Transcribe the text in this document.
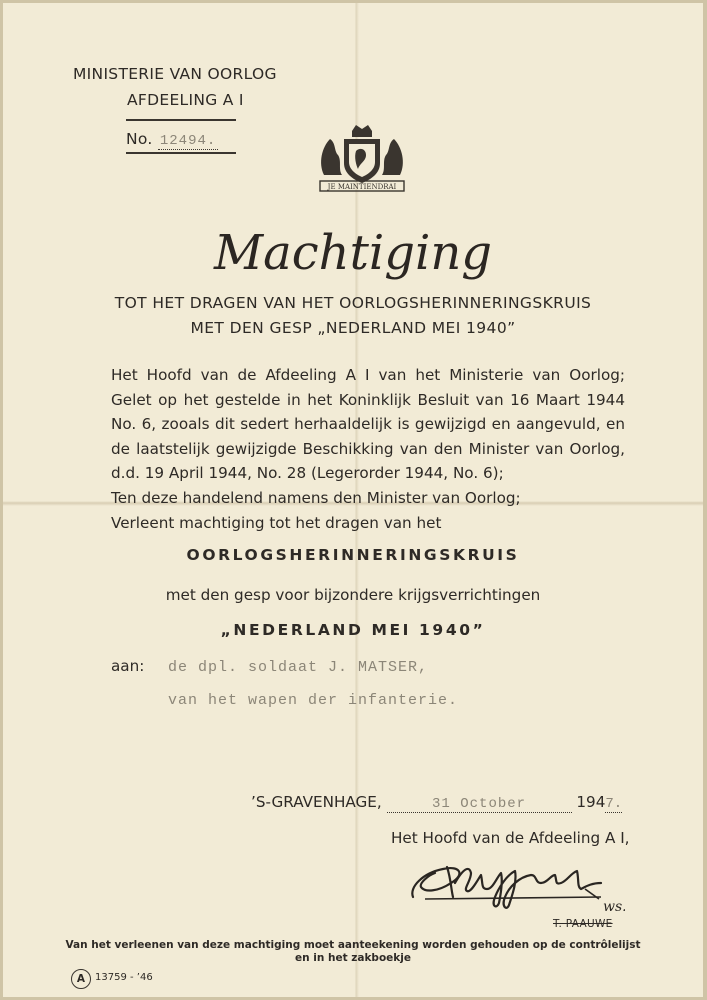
MINISTERIE VAN OORLOG
AFDEELING A I
No. 12494.
JE MAINTIENDRAI
Machtiging
TOT HET DRAGEN VAN HET OORLOGSHERINNERINGSKRUIS
MET DEN GESP „NEDERLAND MEI 1940”
Het Hoofd van de Afdeeling A I van het Ministerie van Oorlog;
Gelet op het gestelde in het Koninklijk Besluit van 16 Maart 1944
No. 6, zooals dit sedert herhaaldelijk is gewijzigd en aangevuld, en
de laatstelijk gewijzigde Beschikking van den Minister van Oorlog,
d.d. 19 April 1944, No. 28 (Legerorder 1944, No. 6);
Ten deze handelend namens den Minister van Oorlog;
Verleent machtiging tot het dragen van het
OORLOGSHERINNERINGSKRUIS
met den gesp voor bijzondere krijgsverrichtingen
„NEDERLAND MEI 1940”
aan: de dpl. soldaat J. MATSER,
van het wapen der infanterie.
’S-GRAVENHAGE,	31 October	1947.
Het Hoofd van de Afdeeling A I,
ws.
T. PAAUWE
Van het verleenen van deze machtiging moet aanteekening worden gehouden op de contrôlelijst
en in het zakboekje
A 13759 - ’46
